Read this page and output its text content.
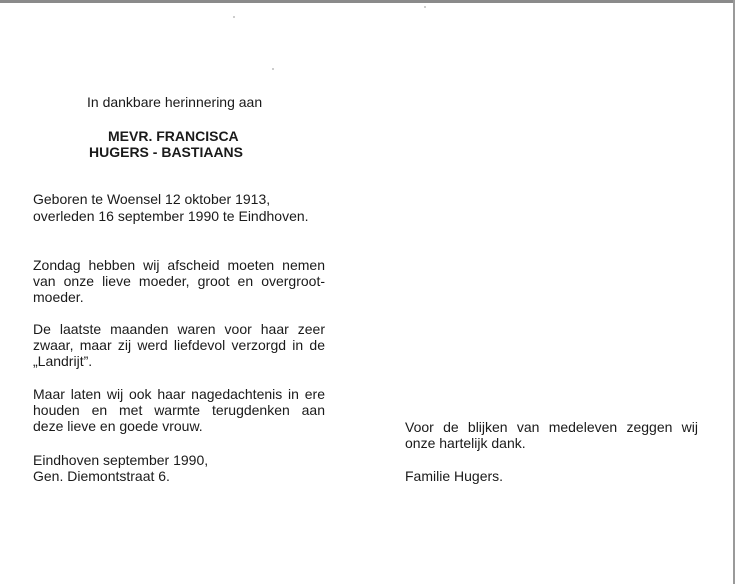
In dankbare herinnering aan

MEVR. FRANCISCA

HUGERS - BASTIAANS

Geboren te Woensel 12 oktober 1913,

overleden 16 september 1990 te Eindhoven.

Zondag hebben wij afscheid moeten nemen
van onze lieve moeder, groot en overgroot-
moeder.
De laatste maanden waren voor haar zeer
zwaar, maar zij werd liefdevol verzorgd in de
„Landrijt”.
Maar laten wij ook haar nagedachtenis in ere
houden en met warmte terugdenken aan
deze lieve en goede vrouw.

Eindhoven september 1990,

Gen. Diemontstraat 6.

Voor de blijken van medeleven zeggen wij
onze hartelijk dank.

Familie Hugers.
